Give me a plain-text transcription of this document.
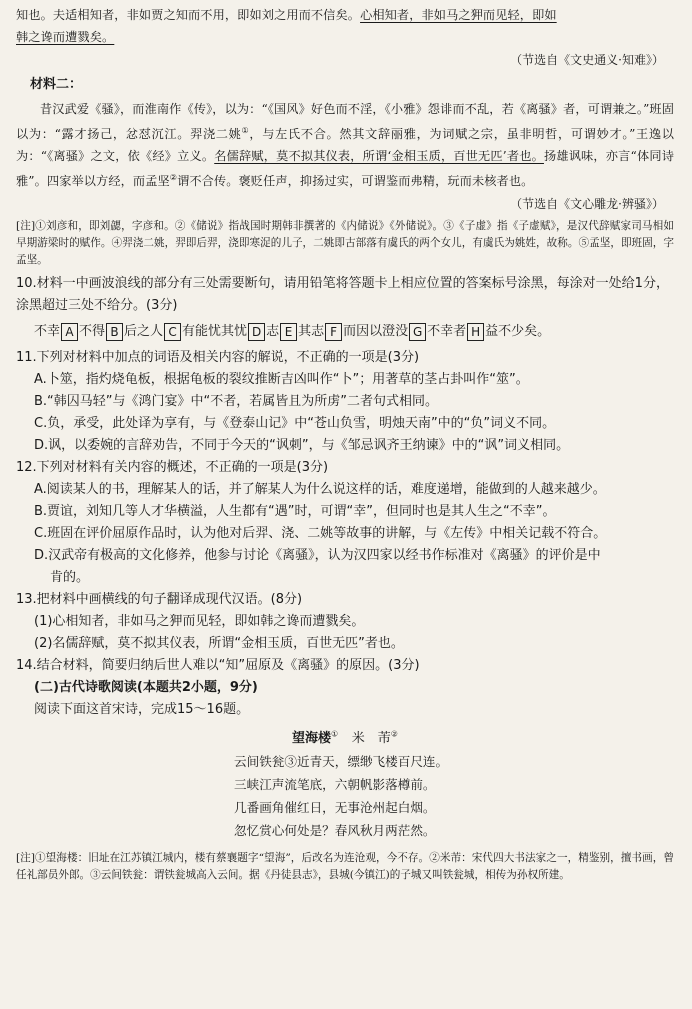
知也。夫适相知者，非如贾之知而不用，即如刘之用而不信矣。心相知者，非如马之狎而见轻，即如
韩之谗而遭戮矣。

（节选自《文史通义·知难》）
材料二：

昔汉武爱《骚》，而淮南作《传》，以为：“《国风》好色而不淫，《小雅》怨诽而不乱，若《离骚》者，可谓兼之。”班固以为：“露才扬己，忿怼沉江。羿浇二姚①，与左氏不合。然其文辞丽雅，为词赋之宗，虽非明哲，可谓妙才。”王逸以为：“《离骚》之文，依《经》立义。名儒辞赋，莫不拟其仪表，所谓‘金相玉质，百世无匹’者也。扬雄讽味，亦言“体同诗雅”。四家举以方经，而孟坚②谓不合传。褒贬任声，抑扬过实，可谓鉴而弗精，玩而未核者也。

（节选自《文心雕龙·辨骚》）

[注]①刘彦和，即刘勰，字彦和。②《储说》指战国时期韩非撰著的《内储说》《外储说》。③《子虚》指《子虚赋》，是汉代辞赋家司马相如早期游梁时的赋作。④羿浇二姚，羿即后羿，浇即寒浞的儿子，二姚即古部落有虞氏的两个女儿，有虞氏为姚姓，故称。⑤孟坚，即班固，字孟坚。

10.材料一中画波浪线的部分有三处需要断句，请用铅笔将答题卡上相应位置的答案标号涂黑，每涂对一处给1分，涂黑超过三处不给分。(3分)

不幸 A 不得 B 后之人 C 有能忧其忧 D 志 E 其志 F 而因以澄没 G 不幸者 H 益不少矣。

11.下列对材料中加点的词语及相关内容的解说，不正确的一项是(3分)

A.卜筮，指灼烧龟板，根据龟板的裂纹推断吉凶叫作“卜”；用著草的茎占卦叫作“筮”。

B.“韩囚马轻”与《鸿门宴》中“不者，若属皆且为所虏”二者句式相同。

C.负，承受，此处译为享有，与《登泰山记》中“苍山负雪，明烛天南”中的“负”词义不同。

D.讽，以委婉的言辞劝告，不同于今天的“讽刺”，与《邹忌讽齐王纳谏》中的“讽”词义相同。

12.下列对材料有关内容的概述，不正确的一项是(3分)

A.阅读某人的书，理解某人的话，并了解某人为什么说这样的话，难度递增，能做到的人越来越少。

B.贾谊，刘知几等人才华横溢，人生都有“遇”时，可谓“幸”，但同时也是其人生之“不幸”。

C.班固在评价屈原作品时，认为他对后羿、浇、二姚等故事的讲解，与《左传》中相关记载不符合。

D.汉武帝有极高的文化修养，他参与讨论《离骚》，认为汉四家以经书作标准对《离骚》的评价是中

肯的。

13.把材料中画横线的句子翻译成现代汉语。(8分)

(1)心相知者，非如马之狎而见轻，即如韩之谗而遭戮矣。

(2)名儒辞赋，莫不拟其仪表，所谓“金相玉质，百世无匹”者也。

14.结合材料，简要归纳后世人难以“知”屈原及《离骚》的原因。(3分)

(二)古代诗歌阅读(本题共2小题，9分)

阅读下面这首宋诗，完成15～16题。

望海楼① 米　芾②

云间铁瓮③近青天，缥缈飞楼百尺连。

三峡江声流笔底，六朝帆影落樽前。

几番画角催红日，无事沧州起白烟。

忽忆赏心何处是？春风秋月两茫然。

[注]①望海楼：旧址在江苏镇江城内，楼有蔡襄题字“望海”，后改名为连沧观，今不存。②米芾：宋代四大书法家之一，精鉴别，擅书画，曾任礼部员外郎。③云间铁瓮：谓铁瓮城高入云间。据《丹徒县志》，县城(今镇江)的子城又叫铁瓮城，相传为孙权所建。
